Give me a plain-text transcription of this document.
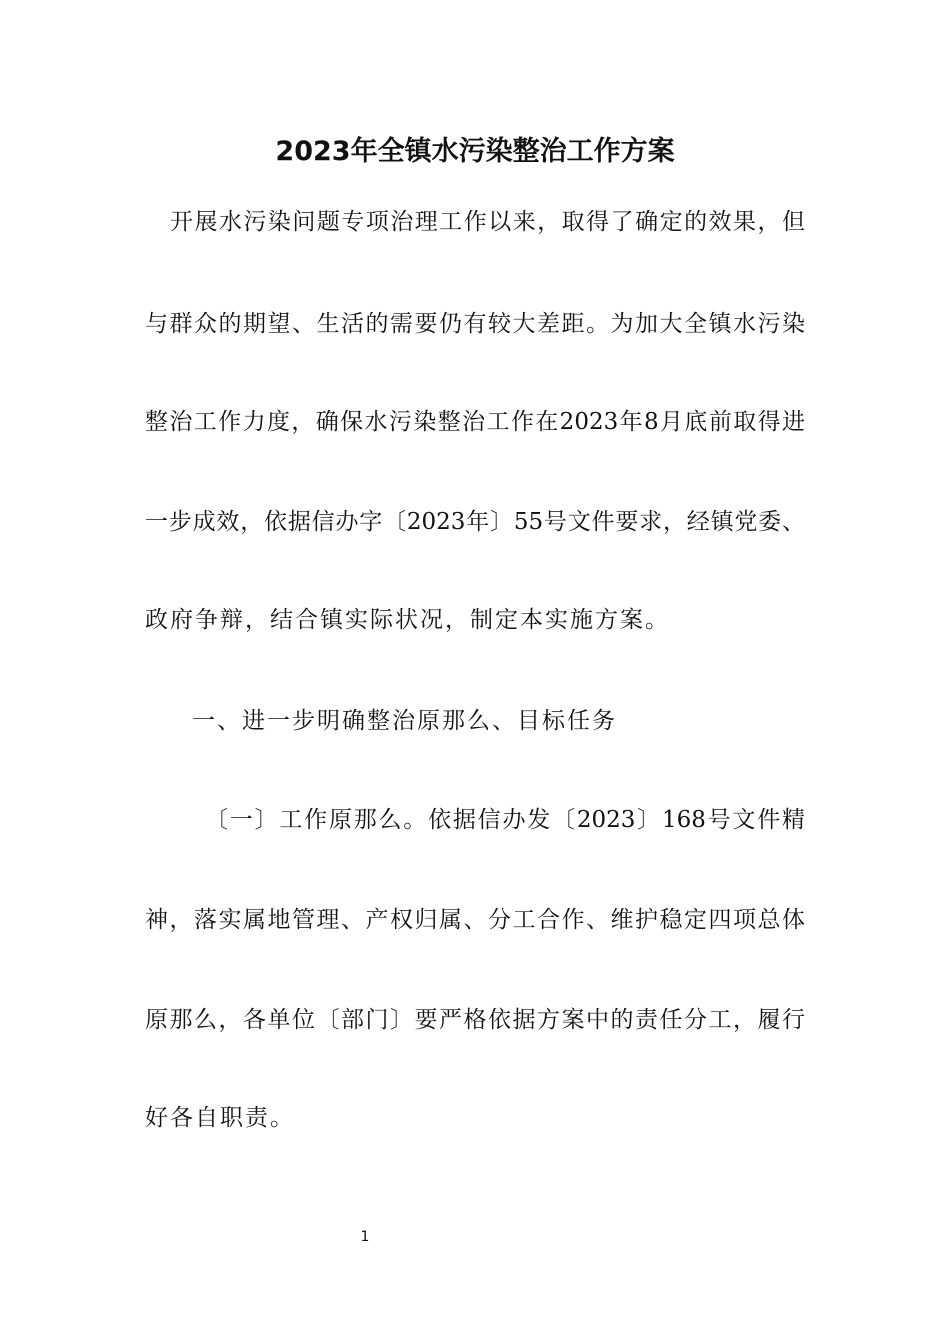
2023年全镇水污染整治工作方案

开展水污染问题专项治理工作以来，取得了确定的效果，但

与群众的期望、生活的需要仍有较大差距。为加大全镇水污染

整治工作力度，确保水污染整治工作在2023年8月底前取得进

一步成效，依据信办字〔2023年〕55号文件要求，经镇党委、

政府争辩，结合镇实际状况，制定本实施方案。

一、进一步明确整治原那么、目标任务

〔一〕工作原那么。依据信办发〔2023〕168号文件精

神，落实属地管理、产权归属、分工合作、维护稳定四项总体

原那么，各单位〔部门〕要严格依据方案中的责任分工，履行

好各自职责。

1
